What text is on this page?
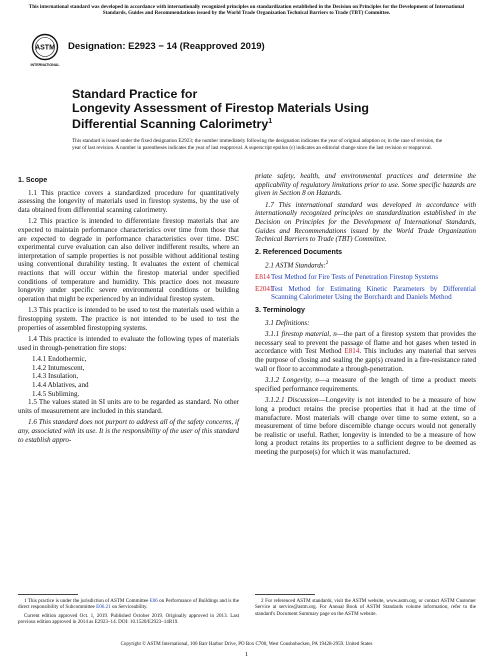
This international standard was developed in accordance with internationally recognized principles on standardization established in the Decision on Principles for the Development of International Standards, Guides and Recommendations issued by the World Trade Organization Technical Barriers to Trade (TBT) Committee.
ASTM
INTERNATIONAL
Designation: E2923 − 14 (Reapproved 2019)
Standard Practice for
Longevity Assessment of Firestop Materials Using
Differential Scanning Calorimetry$^1$
This standard is issued under the fixed designation E2923; the number immediately following the designation indicates the year of original adoption or, in the case of revision, the year of last revision. A number in parentheses indicates the year of last reapproval. A superscript epsilon (ε) indicates an editorial change since the last revision or reapproval.
1. Scope

1.1 This practice covers a standardized procedure for quantitatively assessing the longevity of materials used in firestop systems, by the use of data obtained from differential scanning calorimetry.

1.2 This practice is intended to differentiate firestop materials that are expected to maintain performance characteristics over time from those that are expected to degrade in performance characteristics over time. DSC experimental curve evaluation can also deliver indifferent results, where an interpretation of sample properties is not possible without additional testing using conventional durability testing. It evaluates the extent of chemical reactions that will occur within the firestop material under specified conditions of temperature and humidity. This practice does not measure longevity under specific severe environmental conditions or building operation that might be experienced by an individual firestop system.

1.3 This practice is intended to be used to test the materials used within a firestopping system. The practice is not intended to be used to test the properties of assembled firestopping systems.

1.4 This practice is intended to evaluate the following types of materials used in through-penetration fire stops:

1.4.1 Endothermic,

1.4.2 Intumescent,

1.4.3 Insulation,

1.4.4 Ablatives, and

1.4.5 Subliming.

1.5 The values stated in SI units are to be regarded as standard. No other units of measurement are included in this standard.

1.6 This standard does not purport to address all of the safety concerns, if any, associated with its use. It is the responsibility of the user of this standard to establish appro-

priate safety, health, and environmental practices and determine the applicability of regulatory limitations prior to use. Some specific hazards are given in Section 8 on Hazards.

1.7 This international standard was developed in accordance with internationally recognized principles on standardization established in the Decision on Principles for the Development of International Standards, Guides and Recommendations issued by the World Trade Organization Technical Barriers to Trade (TBT) Committee.

2. Referenced Documents

2.1 ASTM Standards:$^2$

E814 Test Method for Fire Tests of Penetration Firestop Systems
E2041
Test Method for Estimating Kinetic Parameters by Differential Scanning Calorimeter Using the Borchardt and Daniels Method
3. Terminology

3.1 Definitions:

3.1.1 firestop material, n—the part of a firestop system that provides the necessary seal to prevent the passage of flame and hot gases when tested in accordance with Test Method E814. This includes any material that serves the purpose of closing and sealing the gap(s) created in a fire-resistance rated wall or floor to accommodate a through-penetration.

3.1.2 Longevity, n—a measure of the length of time a product meets specified performance requirements.

3.1.2.1 Discussion—Longevity is not intended to be a measure of how long a product retains the precise properties that it had at the time of manufacture. Most materials will change over time to some extent, so a measurement of time before discernible change occurs would not generally be realistic or useful. Rather, longevity is intended to be a measure of how long a product retains its properties to a sufficient degree to be deemed as meeting the purpose(s) for which it was manufactured.

1 This practice is under the jurisdiction of ASTM Committee E06 on Performance of Buildings and is the direct responsibility of Subcommittee E06.21 on Serviceability.

Current edition approved Oct. 1, 2019. Published October 2019. Originally approved in 2013. Last previous edition approved in 2014 as E2923–14. DOI: 10.1520/E2923–14R19.

2 For referenced ASTM standards, visit the ASTM website, www.astm.org, or contact ASTM Customer Service at service@astm.org. For Annual Book of ASTM Standards volume information, refer to the standard's Document Summary page on the ASTM website.

Copyright © ASTM International, 100 Barr Harbor Drive, PO Box C700, West Conshohocken, PA 19428-2959. United States
1
